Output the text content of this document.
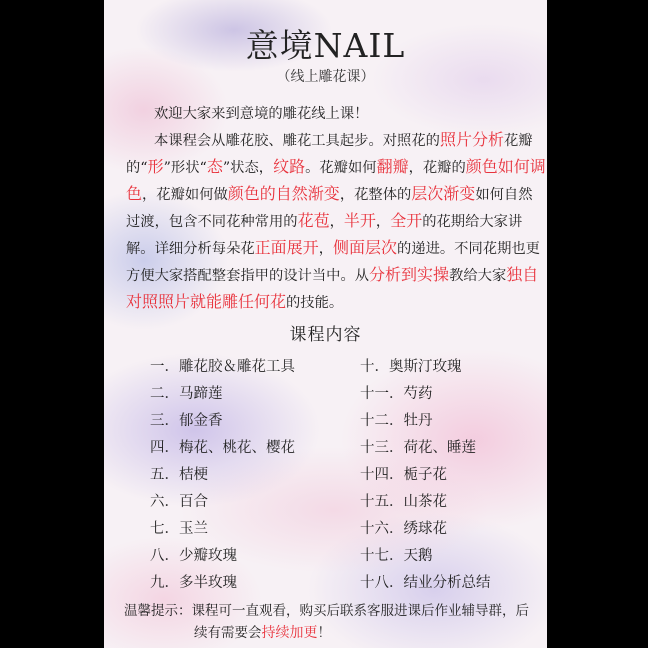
意境NAIL
（线上雕花课）

欢迎大家来到意境的雕花线上课！

本课程会从雕花胶、雕花工具起步。对照花的照片分析花瓣的“形”形状“态”状态，纹路。花瓣如何翻瓣，花瓣的颜色如何调色，花瓣如何做颜色的自然渐变，花整体的层次渐变如何自然过渡，包含不同花种常用的花苞，半开，全开的花期给大家讲解。详细分析每朵花正面展开，侧面层次的递进。不同花期也更方便大家搭配整套指甲的设计当中。从分析到实操教给大家独自对照照片就能雕任何花的技能。

课程内容
一．雕花胶＆雕花工具
二．马蹄莲
三．郁金香
四．梅花、桃花、樱花
五．桔梗
六．百合
七．玉兰
八．少瓣玫瑰
九．多半玫瑰
十．奥斯汀玫瑰
十一．芍药
十二．牡丹
十三．荷花、睡莲
十四．栀子花
十五．山茶花
十六．绣球花
十七．天鹅
十八．结业分析总结
温馨提示：课程可一直观看，购买后联系客服进课后作业辅导群，后
续有需要会持续加更！
